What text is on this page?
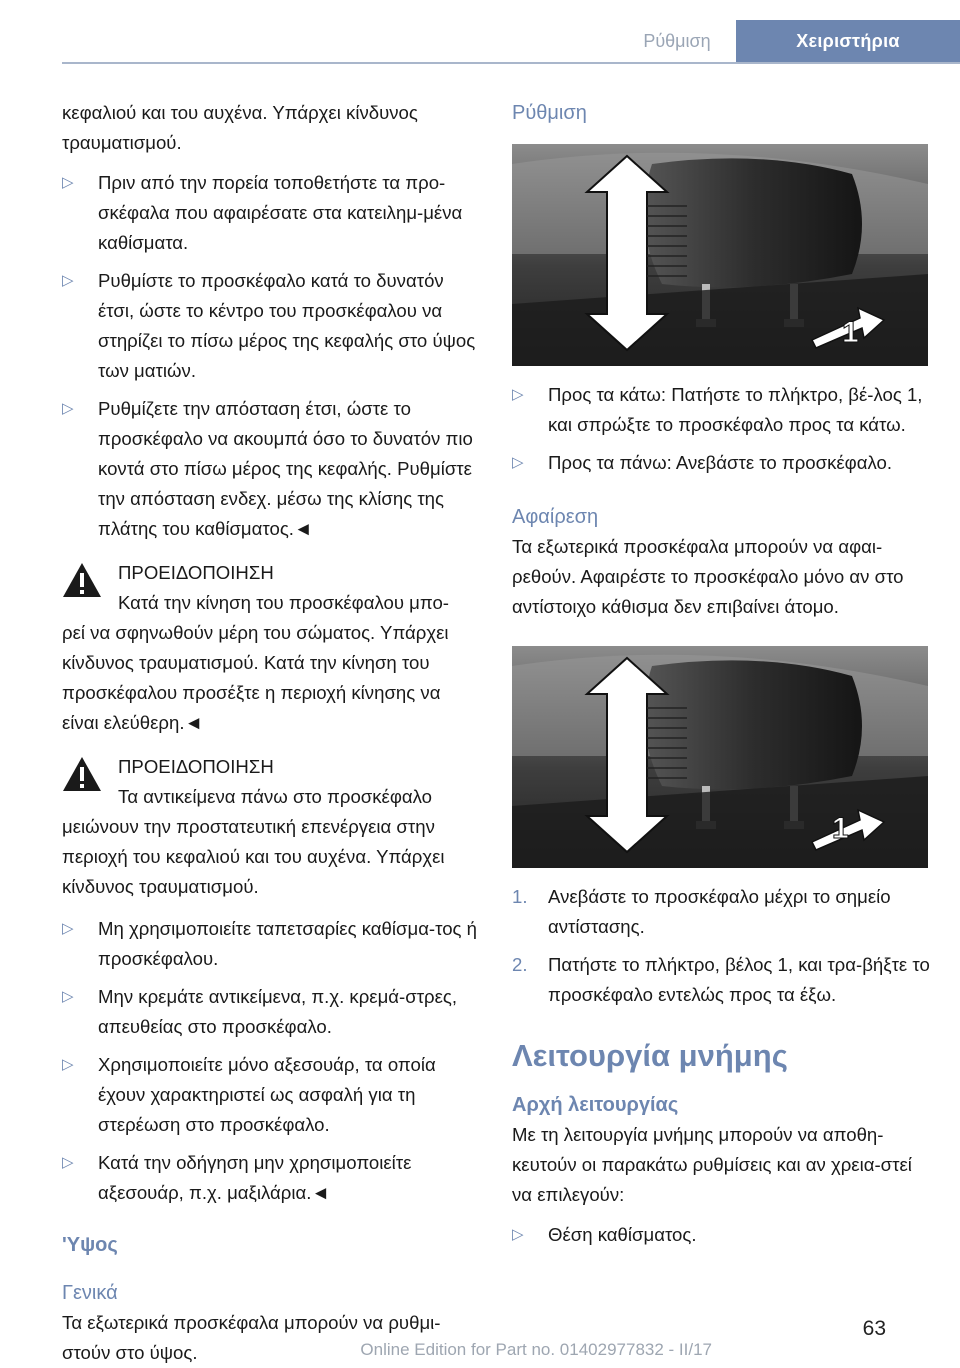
Ρύθμιση	Χειριστήρια

κεφαλιού και του αυχένα. Υπάρχει κίνδυνος τραυματισμού.

▷ Πριν από την πορεία τοποθετήστε τα προ-σκέφαλα που αφαιρέσατε στα κατειλημ-μένα καθίσματα.
▷ Ρυθμίστε το προσκέφαλο κατά το δυνατόν έτσι, ώστε το κέντρο του προσκέφαλου να στηρίζει το πίσω μέρος της κεφαλής στο ύψος των ματιών.
▷ Ρυθμίζετε την απόσταση έτσι, ώστε το προσκέφαλο να ακουμπά όσο το δυνατόν πιο κοντά στο πίσω μέρος της κεφαλής. Ρυθμίστε την απόσταση ενδεχ. μέσω της κλίσης της πλάτης του καθίσματος.◄

ΠΡΟΕΙΔΟΠΟΙΗΣΗ

Κατά την κίνηση του προσκέφαλου μπο-

ρεί να σφηνωθούν μέρη του σώματος. Υπάρχει κίνδυνος τραυματισμού. Κατά την κίνηση του προσκέφαλου προσέξτε η περιοχή κίνησης να είναι ελεύθερη.◄

ΠΡΟΕΙΔΟΠΟΙΗΣΗ

Τα αντικείμενα πάνω στο προσκέφαλο

μειώνουν την προστατευτική επενέργεια στην περιοχή του κεφαλιού και του αυχένα. Υπάρχει κίνδυνος τραυματισμού.

▷ Μη χρησιμοποιείτε ταπετσαρίες καθίσμα-τος ή προσκέφαλου.
▷ Μην κρεμάτε αντικείμενα, π.χ. κρεμά-στρες, απευθείας στο προσκέφαλο.
▷ Χρησιμοποιείτε μόνο αξεσουάρ, τα οποία έχουν χαρακτηριστεί ως ασφαλή για τη στερέωση στο προσκέφαλο.
▷ Κατά την οδήγηση μην χρησιμοποιείτε αξεσουάρ, π.χ. μαξιλάρια.◄

'Υψος

Γενικά

Τα εξωτερικά προσκέφαλα μπορούν να ρυθμι-στούν στο ύψος.

Ρύθμιση

1
▷ Προς τα κάτω: Πατήστε το πλήκτρο, βέ-λος 1, και σπρώξτε το προσκέφαλο προς τα κάτω.
▷ Προς τα πάνω: Ανεβάστε το προσκέφαλο.

Αφαίρεση

Τα εξωτερικά προσκέφαλα μπορούν να αφαι-ρεθούν. Αφαιρέστε το προσκέφαλο μόνο αν στο αντίστοιχο κάθισμα δεν επιβαίνει άτομο.

1
1. Ανεβάστε το προσκέφαλο μέχρι το σημείο αντίστασης.
2. Πατήστε το πλήκτρο, βέλος 1, και τρα-βήξτε το προσκέφαλο εντελώς προς τα έξω.

Λειτουργία μνήμης

Αρχή λειτουργίας

Με τη λειτουργία μνήμης μπορούν να αποθη-κευτούν οι παρακάτω ρυθμίσεις και αν χρεια-στεί να επιλεγούν:

▷ Θέση καθίσματος.
63
Online Edition for Part no. 01402977832 - II/17
